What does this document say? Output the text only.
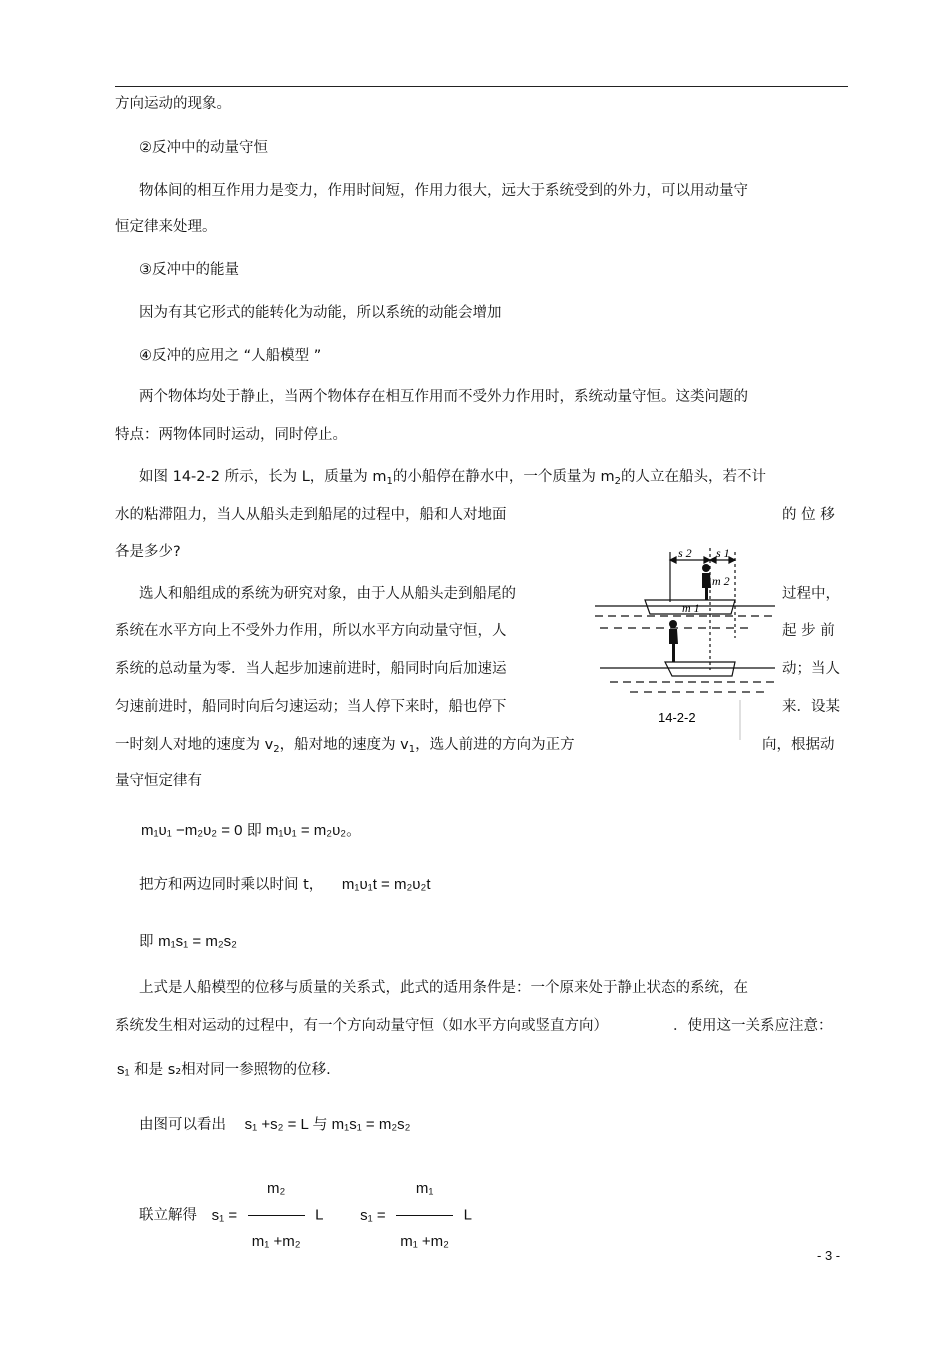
方向运动的现象。
②反冲中的动量守恒
物体间的相互作用力是变力，作用时间短，作用力很大，远大于系统受到的外力，可以用动量守
恒定律来处理。
③反冲中的能量
因为有其它形式的能转化为动能，所以系统的动能会增加
④反冲的应用之 “人船模型 ”
两个物体均处于静止，当两个物体存在相互作用而不受外力作用时，系统动量守恒。这类问题的
特点：两物体同时运动，同时停止。
如图 14-2-2 所示，长为 L，质量为 $m_1$的小船停在静水中，一个质量为 $m_2$的人立在船头，若不计
水的粘滞阻力，当人从船头走到船尾的过程中，船和人对地面	的 位 移
各是多少?
选人和船组成的系统为研究对象，由于人从船头走到船尾的	过程中，
系统在水平方向上不受外力作用，所以水平方向动量守恒，人	起 步 前
系统的总动量为零．当人起步加速前进时，船同时向后加速运	动；当人
匀速前进时，船同时向后匀速运动；当人停下来时，船也停下	来．设某
一时刻人对地的速度为 $v_2$，船对地的速度为 $v_1$，选人前进的方向为正方	向，根据动
量守恒定律有
m₁υ₁ −m₂υ₂ = 0 即 m₁υ₁ = m₂υ₂。
把方和两边同时乘以时间 t， m₁υ₁t = m₂υ₂t
即 m₁s₁ = m₂s₂
上式是人船模型的位移与质量的关系式，此式的适用条件是：一个原来处于静止状态的系统，在
系统发生相对运动的过程中，有一个方向动量守恒（如水平方向或竖直方向）	．使用这一关系应注意：
s₁ 和是 s₂相对同一参照物的位移.
由图可以看出 s₁ +s₂ = L 与 m₁s₁ = m₂s₂
联立解得 $s_1 = \frac{\text{m₂}}{\text{m₁ +m₂}}$ L $s_1 = \frac{\text{m₁}}{\text{m₁ +m₂}}$ L
s 2 s 1
m 2
m 1
14-2-2
- 3 -
